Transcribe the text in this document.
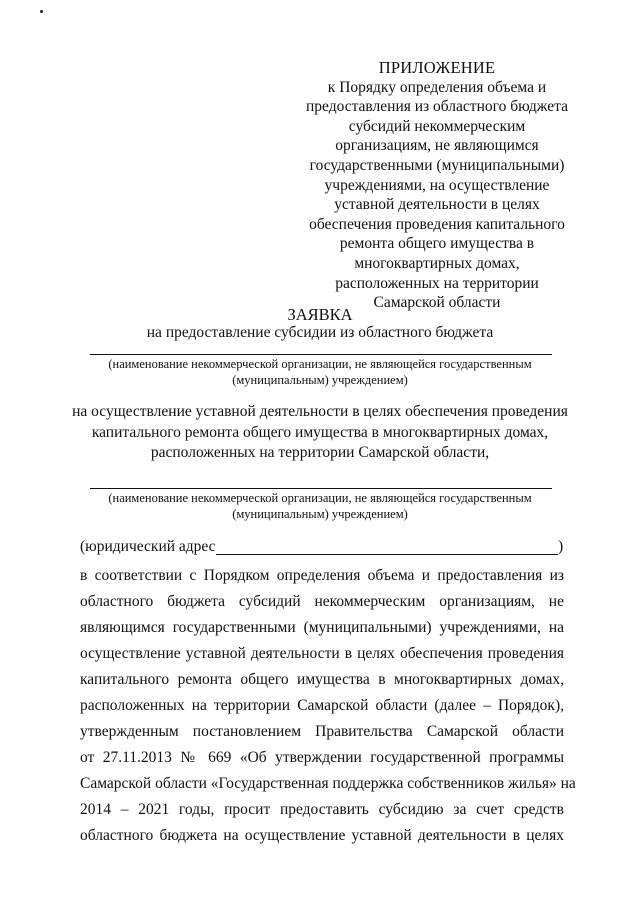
ПРИЛОЖЕНИЕ
к Порядку определения объема и
предоставления из областного бюджета
субсидий некоммерческим
организациям, не являющимся
государственными (муниципальными)
учреждениями, на осуществление
уставной деятельности в целях
обеспечения проведения капитального
ремонта общего имущества в
многоквартирных домах,
расположенных на территории
Самарской области
ЗАЯВКА
на предоставление субсидии из областного бюджета
(наименование некоммерческой организации, не являющейся государственным
(муниципальным) учреждением)
на осуществление уставной деятельности в целях обеспечения проведения
капитального ремонта общего имущества в многоквартирных домах,
расположенных на территории Самарской области,
(наименование некоммерческой организации, не являющейся государственным
(муниципальным) учреждением)
(юридический адрес	)
в соответствии с Порядком определения объема и предоставления из
областного бюджета субсидий некоммерческим организациям, не
являющимся государственными (муниципальными) учреждениями, на
осуществление уставной деятельности в целях обеспечения проведения
капитального ремонта общего имущества в многоквартирных домах,
расположенных на территории Самарской области (далее – Порядок),
утвержденным постановлением Правительства Самарской области
от 27.11.2013 № 669 «Об утверждении государственной программы
Самарской области «Государственная поддержка собственников жилья» на
2014 – 2021 годы, просит предоставить субсидию за счет средств
областного бюджета на осуществление уставной деятельности в целях
